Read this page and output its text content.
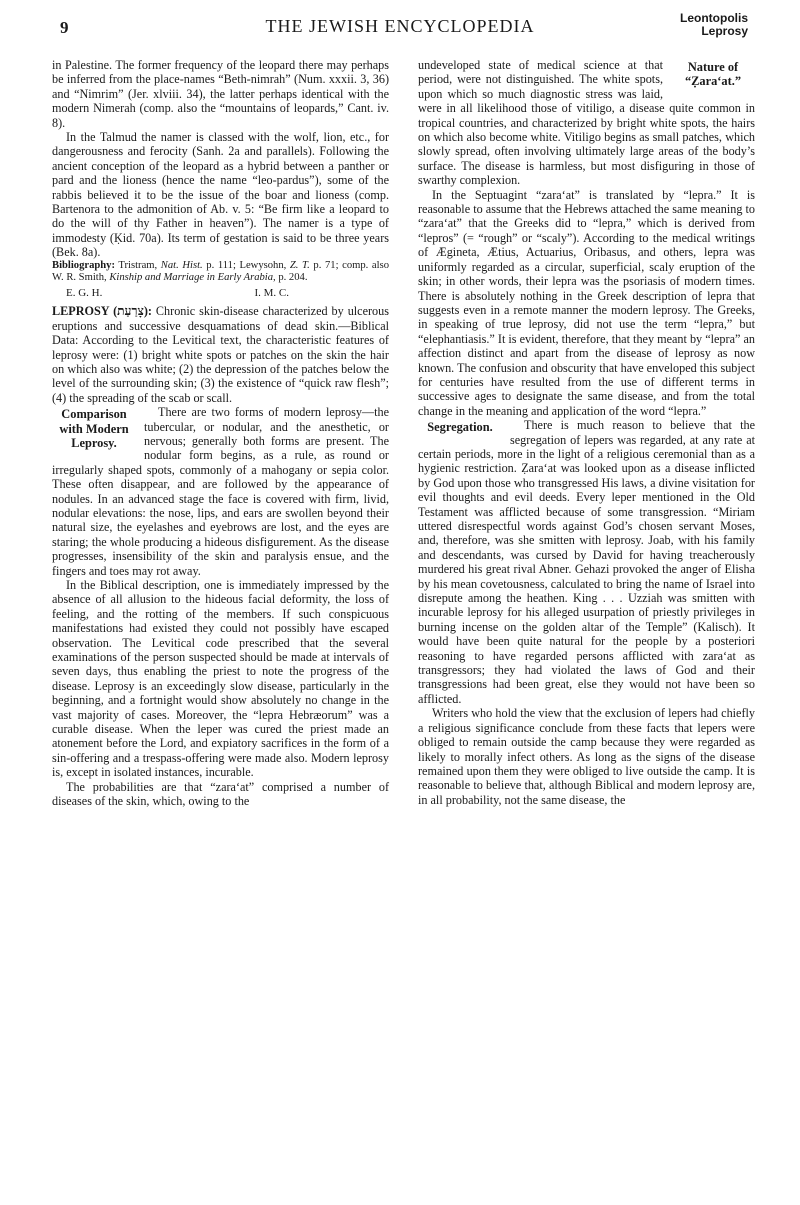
9	THE JEWISH ENCYCLOPEDIA	Leontopolis
Leprosy

in Palestine. The former frequency of the leopard there may perhaps be inferred from the place-names “Beth-nimrah” (Num. xxxii. 3, 36) and “Nimrim” (Jer. xlviii. 34), the latter perhaps identical with the modern Nimerah (comp. also the “mountains of leopards,” Cant. iv. 8).

In the Talmud the namer is classed with the wolf, lion, etc., for dangerousness and ferocity (Sanh. 2a and parallels). Following the ancient conception of the leopard as a hybrid between a panther or pard and the lioness (hence the name “leo-pardus”), some of the rabbis believed it to be the issue of the boar and lioness (comp. Bartenora to the admonition of Ab. v. 5: “Be firm like a leopard to do the will of thy Father in heaven”). The namer is a type of immodesty (Ḳid. 70a). Its term of gestation is said to be three years (Bek. 8a).

Bibliography: Tristram, Nat. Hist. p. 111; Lewysohn, Z. T. p. 71; comp. also W. R. Smith, Kinship and Marriage in Early Arabia, p. 204.

E. G. H.	I. M. C.

LEPROSY (צָרַעַת): Chronic skin-disease characterized by ulcerous eruptions and successive desquamations of dead skin.—Biblical Data: According to the Levitical text, the characteristic features of leprosy were: (1) bright white spots or patches on the skin the hair on which also was white; (2) the depression of the patches below the level of the surrounding skin; (3) the existence of “quick raw flesh”; (4) the spreading of the scab or scall.

Comparison with Modern Leprosy.

There are two forms of modern leprosy—the tubercular, or nodular, and the anesthetic, or nervous; generally both forms are present. The nodular form begins, as a rule, as round or irregularly shaped spots, commonly of a mahogany or sepia color. These often disappear, and are followed by the appearance of nodules. In an advanced stage the face is covered with firm, livid, nodular elevations: the nose, lips, and ears are swollen beyond their natural size, the eyelashes and eyebrows are lost, and the eyes are staring; the whole producing a hideous disfigurement. As the disease progresses, insensibility of the skin and paralysis ensue, and the fingers and toes may rot away.

In the Biblical description, one is immediately impressed by the absence of all allusion to the hideous facial deformity, the loss of feeling, and the rotting of the members. If such conspicuous manifestations had existed they could not possibly have escaped observation. The Levitical code prescribed that the several examinations of the person suspected should be made at intervals of seven days, thus enabling the priest to note the progress of the disease. Leprosy is an exceedingly slow disease, particularly in the beginning, and a fortnight would show absolutely no change in the vast majority of cases. Moreover, the “lepra Hebræorum” was a curable disease. When the leper was cured the priest made an atonement before the Lord, and expiatory sacrifices in the form of a sin-offering and a trespass-offering were made also. Modern leprosy is, except in isolated instances, incurable.

The probabilities are that “zara‘at” comprised a number of diseases of the skin, which, owing to the

Nature of “Ẓara‘at.”
undeveloped state of medical science at that period, were not distinguished. The white spots, upon which so much diagnostic stress was laid, were in all likelihood those of vitiligo, a disease quite common in tropical countries, and characterized by bright white spots, the hairs on which also become white. Vitiligo begins as small patches, which slowly spread, often involving ultimately large areas of the body’s surface. The disease is harmless, but most disfiguring in those of swarthy complexion.

In the Septuagint “zara‘at” is translated by “lepra.” It is reasonable to assume that the Hebrews attached the same meaning to “zara‘at” that the Greeks did to “lepra,” which is derived from “lepros” (= “rough” or “scaly”). According to the medical writings of Ægineta, Ætius, Actuarius, Oribasus, and others, lepra was uniformly regarded as a circular, superficial, scaly eruption of the skin; in other words, their lepra was the psoriasis of modern times. There is absolutely nothing in the Greek description of lepra that suggests even in a remote manner the modern leprosy. The Greeks, in speaking of true leprosy, did not use the term “lepra,” but “elephantiasis.” It is evident, therefore, that they meant by “lepra” an affection distinct and apart from the disease of leprosy as now known. The confusion and obscurity that have enveloped this subject for centuries have resulted from the use of different terms in successive ages to designate the same disease, and from the total change in the meaning and application of the word “lepra.”

Segregation.	There is much reason to believe that the segregation of lepers was regarded, at any rate at certain periods, more in the light of a religious ceremonial than as a hygienic restriction. Ẓara‘at was looked upon as a disease inflicted by God upon those who transgressed His laws, a divine visitation for evil thoughts and evil deeds. Every leper mentioned in the Old Testament was afflicted because of some transgression. “Miriam uttered disrespectful words against God’s chosen servant Moses, and, therefore, was she smitten with leprosy. Joab, with his family and descendants, was cursed by David for having treacherously murdered his great rival Abner. Gehazi provoked the anger of Elisha by his mean covetousness, calculated to bring the name of Israel into disrepute among the heathen. King . . . Uzziah was smitten with incurable leprosy for his alleged usurpation of priestly privileges in burning incense on the golden altar of the Temple” (Kalisch). It would have been quite natural for the people by a posteriori reasoning to have regarded persons afflicted with zara‘at as transgressors; they had violated the laws of God and their transgressions had been great, else they would not have been so afflicted.

Writers who hold the view that the exclusion of lepers had chiefly a religious significance conclude from these facts that lepers were obliged to remain outside the camp because they were regarded as likely to morally infect others. As long as the signs of the disease remained upon them they were obliged to live outside the camp. It is reasonable to believe that, although Biblical and modern leprosy are, in all probability, not the same disease, the
